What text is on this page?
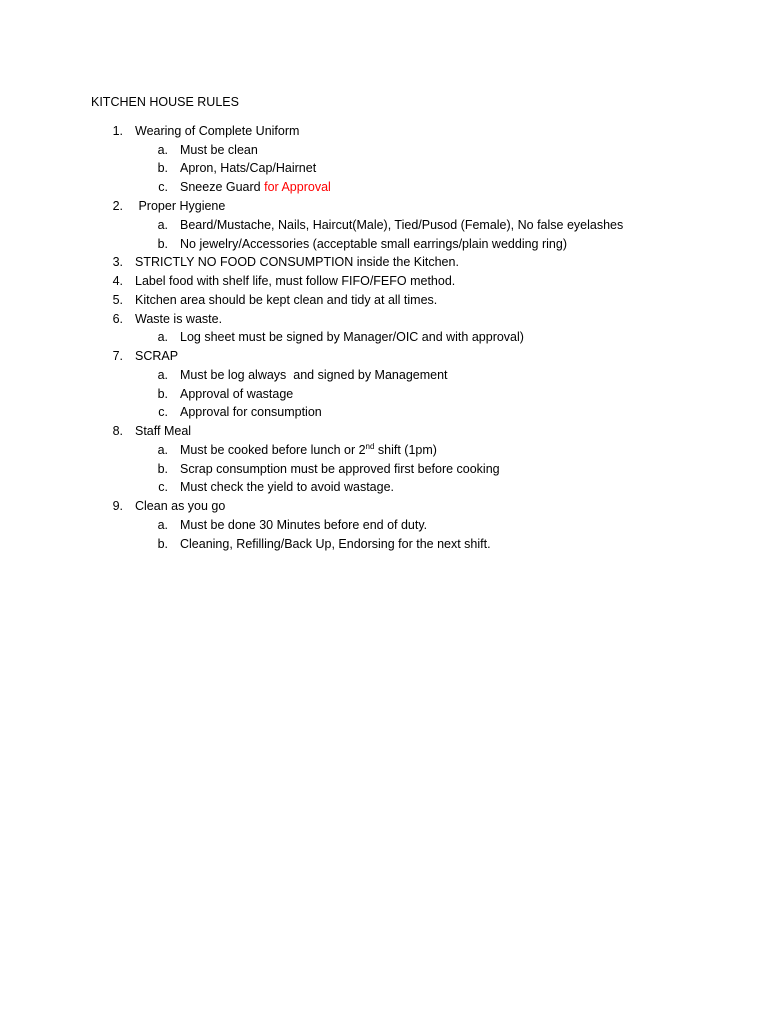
KITCHEN HOUSE RULES
1. Wearing of Complete Uniform
a. Must be clean
b. Apron, Hats/Cap/Hairnet
c. Sneeze Guard for Approval
2. Proper Hygiene
a. Beard/Mustache, Nails, Haircut(Male), Tied/Pusod (Female), No false eyelashes
b. No jewelry/Accessories (acceptable small earrings/plain wedding ring)
3. STRICTLY NO FOOD CONSUMPTION inside the Kitchen.
4. Label food with shelf life, must follow FIFO/FEFO method.
5. Kitchen area should be kept clean and tidy at all times.
6. Waste is waste.
a. Log sheet must be signed by Manager/OIC and with approval)
7. SCRAP
a. Must be log always  and signed by Management
b. Approval of wastage
c. Approval for consumption
8. Staff Meal
a. Must be cooked before lunch or 2nd shift (1pm)
b. Scrap consumption must be approved first before cooking
c. Must check the yield to avoid wastage.
9. Clean as you go
a. Must be done 30 Minutes before end of duty.
b. Cleaning, Refilling/Back Up, Endorsing for the next shift.
